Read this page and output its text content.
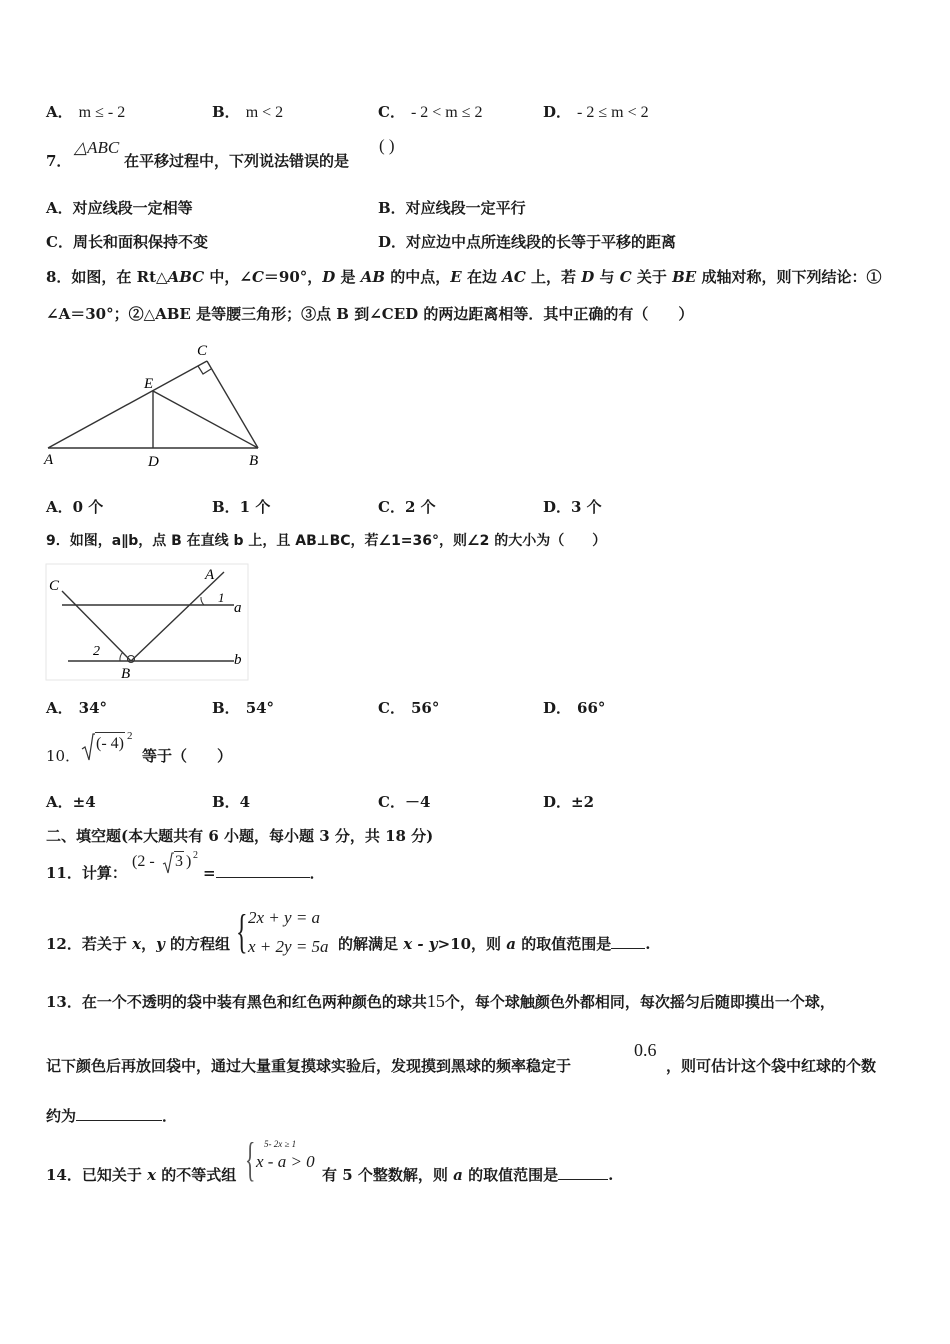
A． m ≤ - 2	B． m < 2	C． - 2 < m ≤ 2	D． - 2 ≤ m < 2
7．
△ABC
在平移过程中，下列说法错误的是
( )
A．对应线段一定相等	B．对应线段一定平行
C．周长和面积保持不变	D．对应边中点所连线段的长等于平移的距离
8．如图，在 Rt△ABC 中，∠C＝90°，D 是 AB 的中点，E 在边 AC 上，若 D 与 C 关于 BE 成轴对称，则下列结论：①
∠A＝30°；②△ABE 是等腰三角形；③点 B 到∠CED 的两边距离相等．其中正确的有（　　）
A	D	B
E
C
A．0 个	B．1 个	C．2 个	D．3 个
9．如图，a∥b，点 B 在直线 b 上，且 AB⊥BC，若∠1=36°，则∠2 的大小为（　　）
C
A
1
a
2
B
b
A． 34°	B． 54°	C． 56°	D． 66°
10．
(- 4) 2
等于（　　）
A．±4	B．4	C．－4	D．±2
二、填空题(本大题共有 6 小题，每小题 3 分，共 18 分)
11．计算：
(2 - 3 ) 2
=	．
12．若关于 x，y 的方程组 { 2x + y = a
x + 2y = 5a 的解满足 x - y>10，则 a 的取值范围是 .
13．在一个不透明的袋中装有黑色和红色两种颜色的球共15个，每个球触颜色外都相同，每次摇匀后随即摸出一个球，
记下颜色后再放回袋中，通过大量重复摸球实验后，发现摸到黑球的频率稳定于
0.6
，则可估计这个袋中红球的个数
约为	．
14．已知关于 x 的不等式组 { 5- 2x ≥ 1
x - a > 0
有 5 个整数解，则 a 的取值范围是	.
